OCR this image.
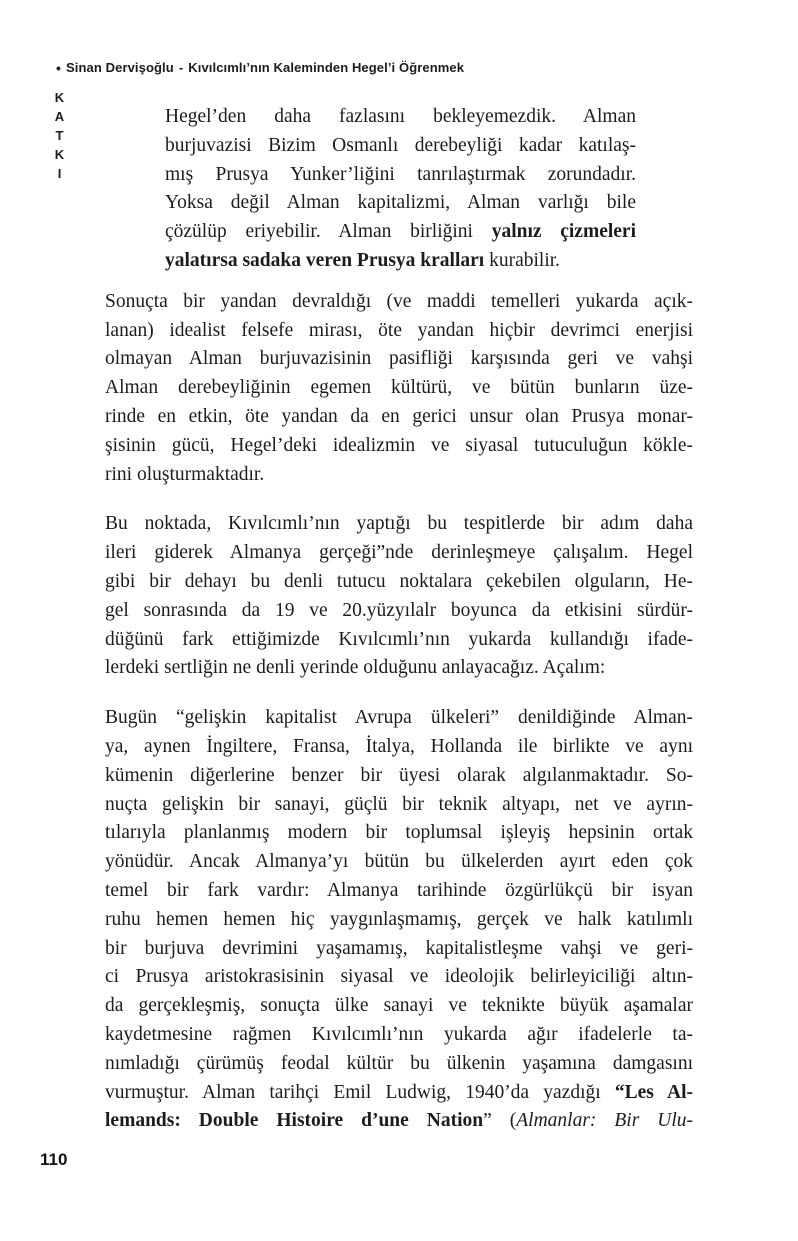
• Sinan Dervişoğlu - Kıvılcımlı’nın Kaleminden Hegel’i Öğrenmek
KATKI	Hegel’den daha fazlasını bekleyemezdik. Alman
burjuvazisi Bizim Osmanlı derebeyliği kadar katılaş-
mış Prusya Yunker’liğini tanrılaştırmak zorundadır.
Yoksa değil Alman kapitalizmi, Alman varlığı bile
çözülüp eriyebilir. Alman birliğini yalnız çizmeleri
yalatırsa sadaka veren Prusya kralları kurabilir.
Sonuçta bir yandan devraldığı (ve maddi temelleri yukarda açık-
lanan) idealist felsefe mirası, öte yandan hiçbir devrimci enerjisi
olmayan Alman burjuvazisinin pasifliği karşısında geri ve vahşi
Alman derebeyliğinin egemen kültürü, ve bütün bunların üze-
rinde en etkin, öte yandan da en gerici unsur olan Prusya monar-
şisinin gücü, Hegel’deki idealizmin ve siyasal tutuculuğun kökle-
rini oluşturmaktadır.
Bu noktada, Kıvılcımlı’nın yaptığı bu tespitlerde bir adım daha
ileri giderek Almanya gerçeği”nde derinleşmeye çalışalım. Hegel
gibi bir dehayı bu denli tutucu noktalara çekebilen olguların, He-
gel sonrasında da 19 ve 20.yüzyılalr boyunca da etkisini sürdür-
düğünü fark ettiğimizde Kıvılcımlı’nın yukarda kullandığı ifade-
lerdeki sertliğin ne denli yerinde olduğunu anlayacağız. Açalım:
Bugün “gelişkin kapitalist Avrupa ülkeleri” denildiğinde Alman-
ya, aynen İngiltere, Fransa, İtalya, Hollanda ile birlikte ve aynı
kümenin diğerlerine benzer bir üyesi olarak algılanmaktadır. So-
nuçta gelişkin bir sanayi, güçlü bir teknik altyapı, net ve ayrın-
tılarıyla planlanmış modern bir toplumsal işleyiş hepsinin ortak
yönüdür. Ancak Almanya’yı bütün bu ülkelerden ayırt eden çok
temel bir fark vardır: Almanya tarihinde özgürlükçü bir isyan
ruhu hemen hemen hiç yaygınlaşmamış, gerçek ve halk katılımlı
bir burjuva devrimini yaşamamış, kapitalistleşme vahşi ve geri-
ci Prusya aristokrasisinin siyasal ve ideolojik belirleyiciliği altın-
da gerçekleşmiş, sonuçta ülke sanayi ve teknikte büyük aşamalar
kaydetmesine rağmen Kıvılcımlı’nın yukarda ağır ifadelerle ta-
nımladığı çürümüş feodal kültür bu ülkenin yaşamına damgasını
vurmuştur. Alman tarihçi Emil Ludwig, 1940’da yazdığı “Les Al-
lemands: Double Histoire d’une Nation” (Almanlar: Bir Ulu-
110
